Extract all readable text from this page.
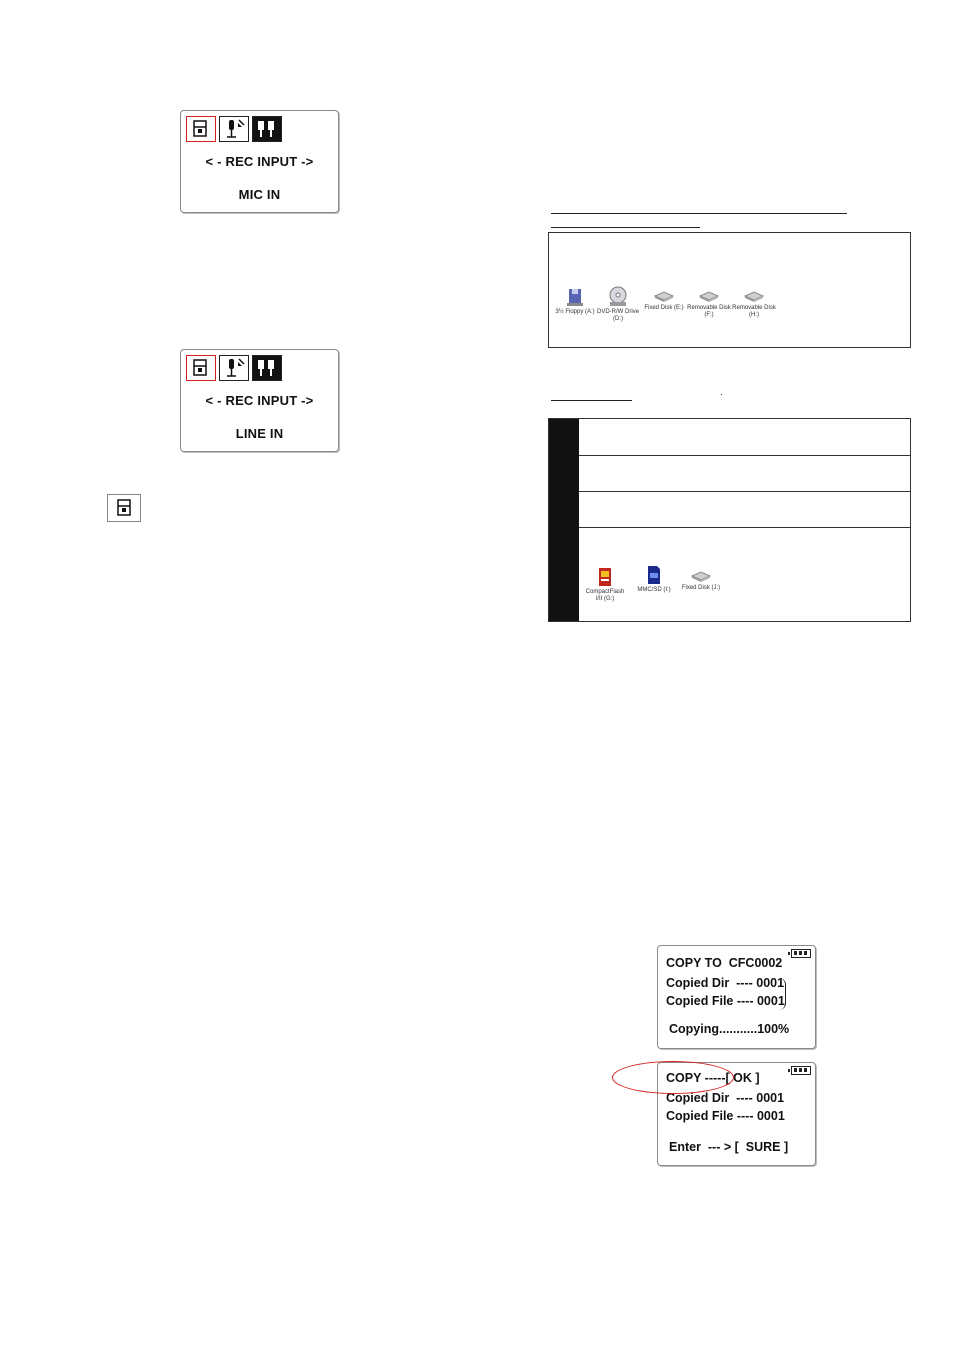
< - REC INPUT ->
MIC IN
< - REC INPUT ->
LINE IN
3½ Floppy (A:) DVD-R/W Drive (D:)
Fixed Disk (E:) Removable Disk (F:)
Removable Disk (H:)
CompactFlash I/II (G:)
MMC/SD (I:)	Fixed Disk (J:)
COPY TO  CFC0002
Copied Dir  ---- 0001
Copied File ---- 0001
Copying...........100%
COPY -----[ OK ]
Copied Dir  ---- 0001
Copied File ---- 0001
Enter  --- > [  SURE ]
